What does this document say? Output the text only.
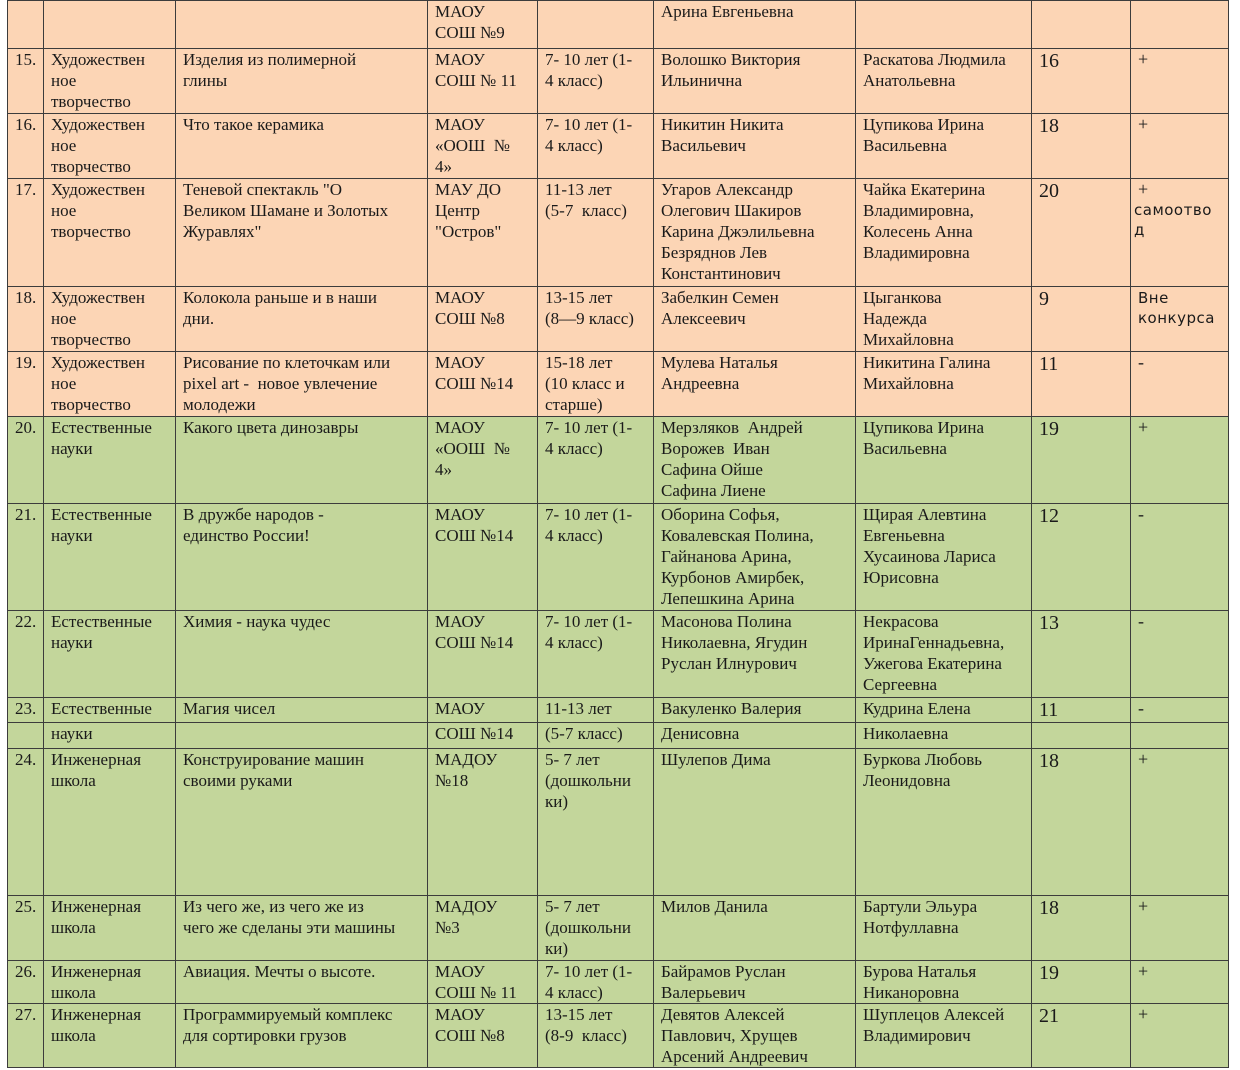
			МАОУ
СОШ №9		Арина Евгеньевна			
15.	Художествен
ное
творчество	Изделия из полимерной
глины	МАОУ
СОШ № 11	7- 10 лет (1-
4 класс)	Волошко Виктория
Ильинична	Раскатова Людмила
Анатольевна	16	+
16.	Художествен
ное
творчество	Что такое керамика	МАОУ
«ООШ  №
4»	7- 10 лет (1-
4 класс)	Никитин Никита
Васильевич	Цупикова Ирина
Васильевна	18	+
17.	Художествен
ное
творчество	Теневой спектакль "О
Великом Шамане и Золотых
Журавлях"	МАУ ДО
Центр
"Остров"	11-13 лет
(5-7  класс)	Угаров Александр
Олегович Шакиров
Карина Джэлильевна
Безряднов Лев
Константинович	Чайка Екатерина
Владимировна,
Колесень Анна
Владимировна	20	+
самоотвод

18.	Художествен
ное
творчество	Колокола раньше и в наши
дни.	МАОУ
СОШ №8	13-15 лет
(8—9 класс)	Забелкин Семен
Алексеевич	Цыганкова
Надежда
Михайловна	9	Вне
конкурса

19.	Художествен
ное
творчество	Рисование по клеточкам или
pixel art -  новое увлечение
молодежи	МАОУ
СОШ №14	15-18 лет
(10 класс и
старше)	Мулева Наталья
Андреевна	Никитина Галина
Михайловна	11	-
20.	Естественные
науки	Какого цвета динозавры	МАОУ
«ООШ  №
4»	7- 10 лет (1-
4 класс)	Мерзляков  Андрей
Ворожев  Иван
Сафина Ойше
Сафина Лиене	Цупикова Ирина
Васильевна	19	+
21.	Естественные
науки	В дружбе народов -
единство России!	МАОУ
СОШ №14	7- 10 лет (1-
4 класс)	Оборина Софья,
Ковалевская Полина,
Гайнанова Арина,
Курбонов Амирбек,
Лепешкина Арина	Щирая Алевтина
Евгеньевна
Хусаинова Лариса
Юрисовна	12	-
22.	Естественные
науки	Химия - наука чудес	МАОУ
СОШ №14	7- 10 лет (1-
4 класс)	Масонова Полина
Николаевна, Ягудин
Руслан Илнурович	Некрасова
ИринаГеннадьевна,
Ужегова Екатерина
Сергеевна	13	-
23.	Естественные	Магия чисел	МАОУ	11-13 лет	Вакуленко Валерия	Кудрина Елена	11	-
	науки		СОШ №14	(5-7 класс)	Денисовна	Николаевна		
24.	Инженерная
школа	Конструирование машин
своими руками	МАДОУ
№18	5- 7 лет
(дошкольни
ки)	Шулепов Дима	Буркова Любовь
Леонидовна	18	+
25.	Инженерная
школа	Из чего же, из чего же из
чего же сделаны эти машины	МАДОУ
№3	5- 7 лет
(дошкольни
ки)	Милов Данила	Бартули Эльура
Нотфуллавна	18	+
26.	Инженерная
школа	Авиация. Мечты о высоте.	МАОУ
СОШ № 11	7- 10 лет (1-
4 класс)	Байрамов Руслан
Валерьевич	Бурова Наталья
Никаноровна	19	+
27.	Инженерная
школа	Программируемый комплекс
для сортировки грузов	МАОУ
СОШ №8	13-15 лет
(8-9  класс)	Девятов Алексей
Павлович, Хрущев
Арсений Андреевич	Шуплецов Алексей
Владимирович	21	+
